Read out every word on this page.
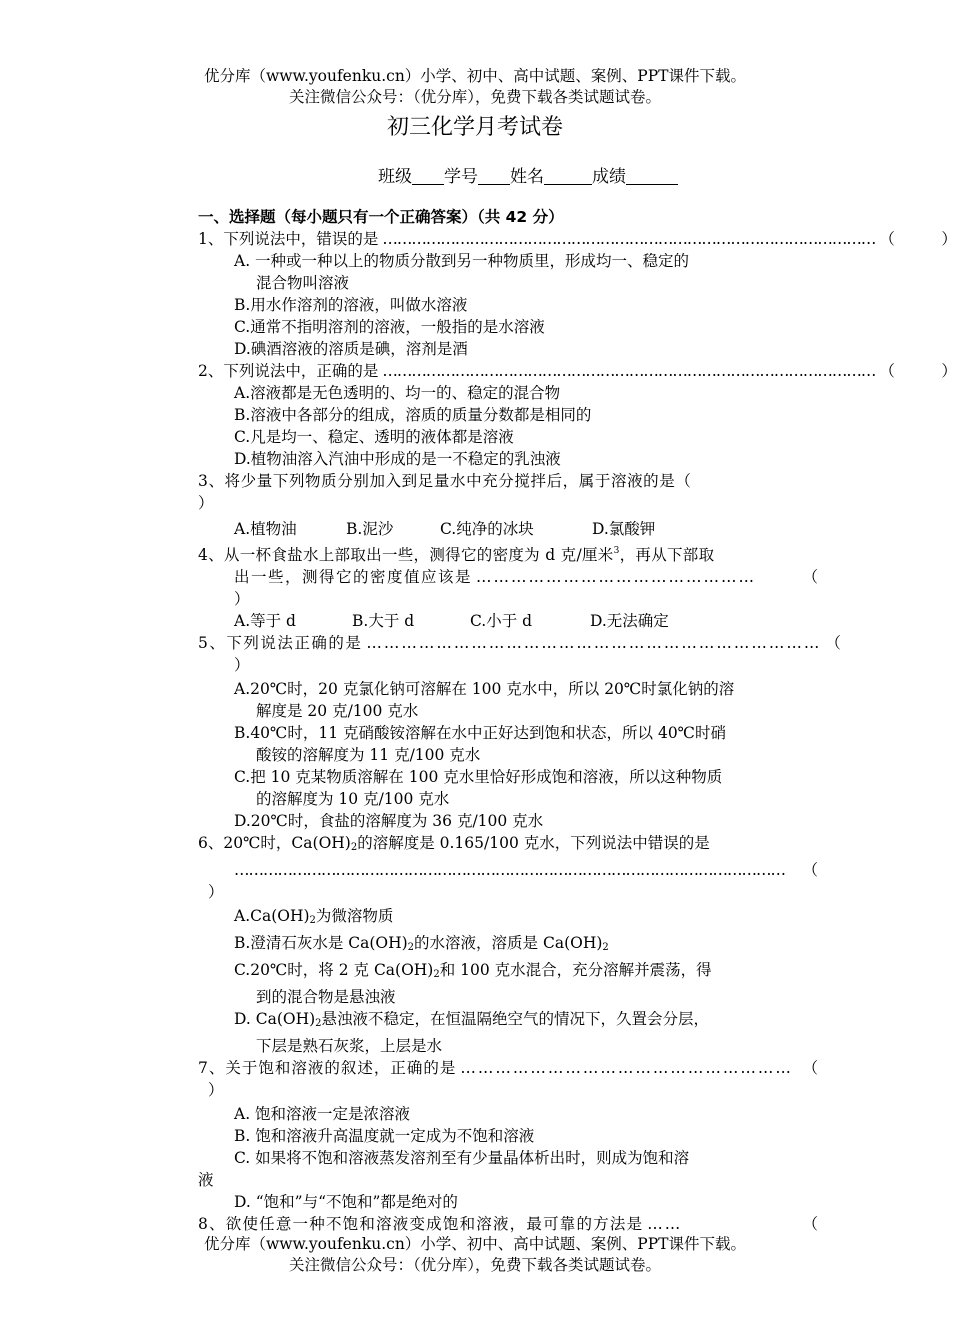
优分库（www.youfenku.cn）小学、初中、高中试题、案例、PPT课件下载。
关注微信公众号：（优分库），免费下载各类试题试卷。
初三化学月考试卷
班级 学号 姓名	成绩
一、选择题（每小题只有一个正确答案）（共 42 分）
1、下列说法中，错误的是 ………………………………………………………………………………………… （　　　）
A. 一种或一种以上的物质分散到另一种物质里，形成均一、稳定的
混合物叫溶液
B.用水作溶剂的溶液，叫做水溶液
C.通常不指明溶剂的溶液，一般指的是水溶液
D.碘酒溶液的溶质是碘，溶剂是酒
2、下列说法中，正确的是 ………………………………………………………………………………………… （　　　）
A.溶液都是无色透明的、均一的、稳定的混合物
B.溶液中各部分的组成，溶质的质量分数都是相同的
C.凡是均一、稳定、透明的液体都是溶液
D.植物油溶入汽油中形成的是一不稳定的乳浊液
3、将少量下列物质分别加入到足量水中充分搅拌后，属于溶液的是（
）
A.植物油	B.泥沙	C.纯净的冰块	D.氯酸钾
4、从一杯食盐水上部取出一些，测得它的密度为 d 克/厘米$^3$，再从下部取
出一些，测得它的密度值应该是 …………………………………………	（
）
A.等于 d	B.大于 d	C.小于 d	D.无法确定
5、下列说法正确的是 …………………………………………………………………… （
）
A.20℃时，20 克氯化钠可溶解在 100 克水中，所以 20℃时氯化钠的溶
解度是 20 克/100 克水
B.40℃时，11 克硝酸铵溶解在水中正好达到饱和状态，所以 40℃时硝
酸铵的溶解度为 11 克/100 克水
C.把 10 克某物质溶解在 100 克水里恰好形成饱和溶液，所以这种物质
的溶解度为 10 克/100 克水
D.20℃时，食盐的溶解度为 36 克/100 克水
6、20℃时，$Ca(OH)_2$的溶解度是 0.165/100 克水，下列说法中错误的是
…………………………………………………………………………………………………… （
）
$A.Ca(OH)_2$为微溶物质
B.澄清石灰水是 $Ca(OH)_2$的水溶液，溶质是 $Ca(OH)_2$
C.20℃时，将 2 克 $Ca(OH)_2$和 100 克水混合，充分溶解并震荡，得
到的混合物是悬浊液
D. $Ca(OH)_2$悬浊液不稳定，在恒温隔绝空气的情况下，久置会分层，
下层是熟石灰浆，上层是水
7、关于饱和溶液的叙述，正确的是 ………………………………………………… （
）
A. 饱和溶液一定是浓溶液
B. 饱和溶液升高温度就一定成为不饱和溶液
C. 如果将不饱和溶液蒸发溶剂至有少量晶体析出时，则成为饱和溶
液
D. “饱和”与“不饱和”都是绝对的
8、欲使任意一种不饱和溶液变成饱和溶液，最可靠的方法是 ……	（
优分库（www.youfenku.cn）小学、初中、高中试题、案例、PPT课件下载。
关注微信公众号：（优分库），免费下载各类试题试卷。
